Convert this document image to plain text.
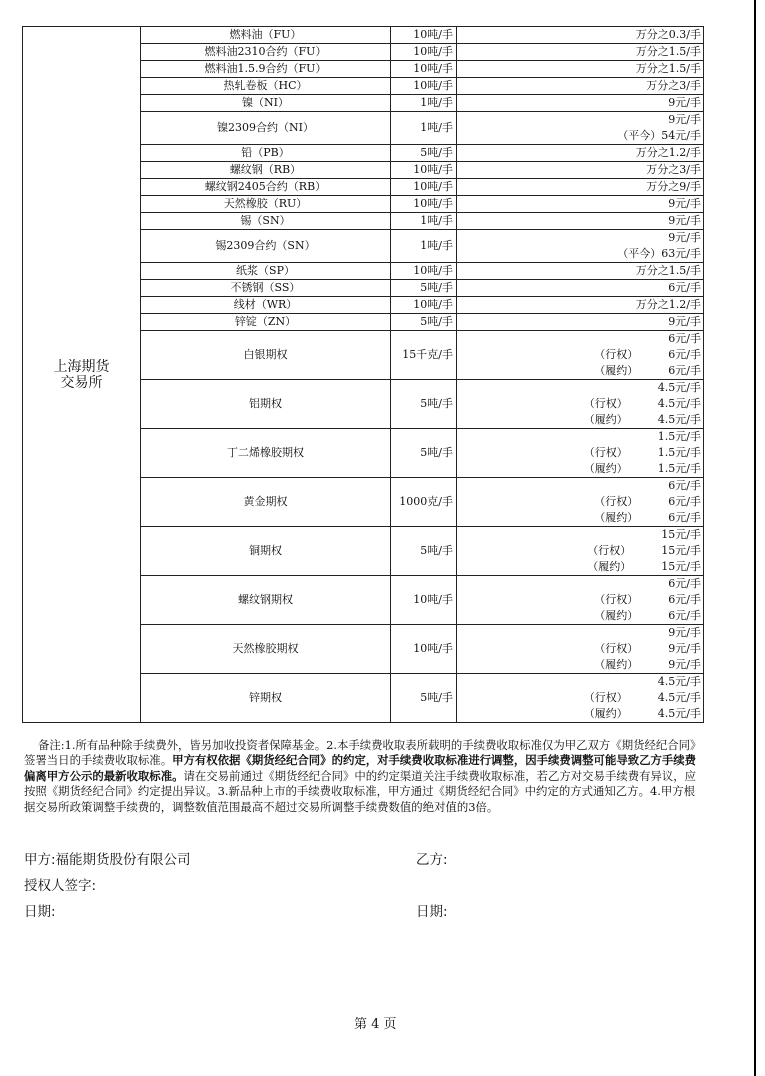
上海期货
交易所	燃料油（FU）	10吨/手	万分之0.3/手

	燃料油2310合约（FU）	10吨/手	万分之1.5/手

	燃料油1.5.9合约（FU）	10吨/手	万分之1.5/手

	热轧卷板（HC）	10吨/手	万分之3/手

	镍（NI）	1吨/手	9元/手

	镍2309合约（NI）	1吨/手	9元/手
（平今）54元/手

	铅（PB）	5吨/手	万分之1.2/手

	螺纹钢（RB）	10吨/手	万分之3/手

	螺纹钢2405合约（RB）	10吨/手	万分之9/手

	天然橡胶（RU）	10吨/手	9元/手

	锡（SN）	1吨/手	9元/手

	锡2309合约（SN）	1吨/手	9元/手
（平今）63元/手

	纸浆（SP）	10吨/手	万分之1.5/手

	不锈钢（SS）	5吨/手	6元/手

	线材（WR）	10吨/手	万分之1.2/手

	锌锭（ZN）	5吨/手	9元/手

	白银期权	15千克/手	6元/手
（行权） 6元/手
（履约） 6元/手

	铝期权	5吨/手	4.5元/手
（行权） 4.5元/手
（履约） 4.5元/手

	丁二烯橡胶期权	5吨/手	1.5元/手
（行权） 1.5元/手
（履约） 1.5元/手

	黄金期权	1000克/手	6元/手
（行权） 6元/手
（履约） 6元/手

	铜期权	5吨/手	15元/手
（行权） 15元/手
（履约） 15元/手

	螺纹钢期权	10吨/手	6元/手
（行权） 6元/手
（履约） 6元/手

	天然橡胶期权	10吨/手	9元/手
（行权） 9元/手
（履约） 9元/手

	锌期权	5吨/手	4.5元/手
（行权） 4.5元/手
（履约） 4.5元/手
备注:1.所有品种除手续费外，皆另加收投资者保障基金。2.本手续费收取表所载明的手续费收取标准仅为甲乙双方《期货经纪合同》签署当日的手续费收取标准。甲方有权依据《期货经纪合同》的约定，对手续费收取标准进行调整，因手续费调整可能导致乙方手续费偏离甲方公示的最新收取标准。请在交易前通过《期货经纪合同》中的约定渠道关注手续费收取标准，若乙方对交易手续费有异议，应按照《期货经纪合同》约定提出异议。3.新品种上市的手续费收取标准，甲方通过《期货经纪合同》中约定的方式通知乙方。4.甲方根据交易所政策调整手续费的，调整数值范围最高不超过交易所调整手续费数值的绝对值的3倍。
甲方:福能期货股份有限公司	乙方:
授权人签字:
日期:	日期:
第 4 页
